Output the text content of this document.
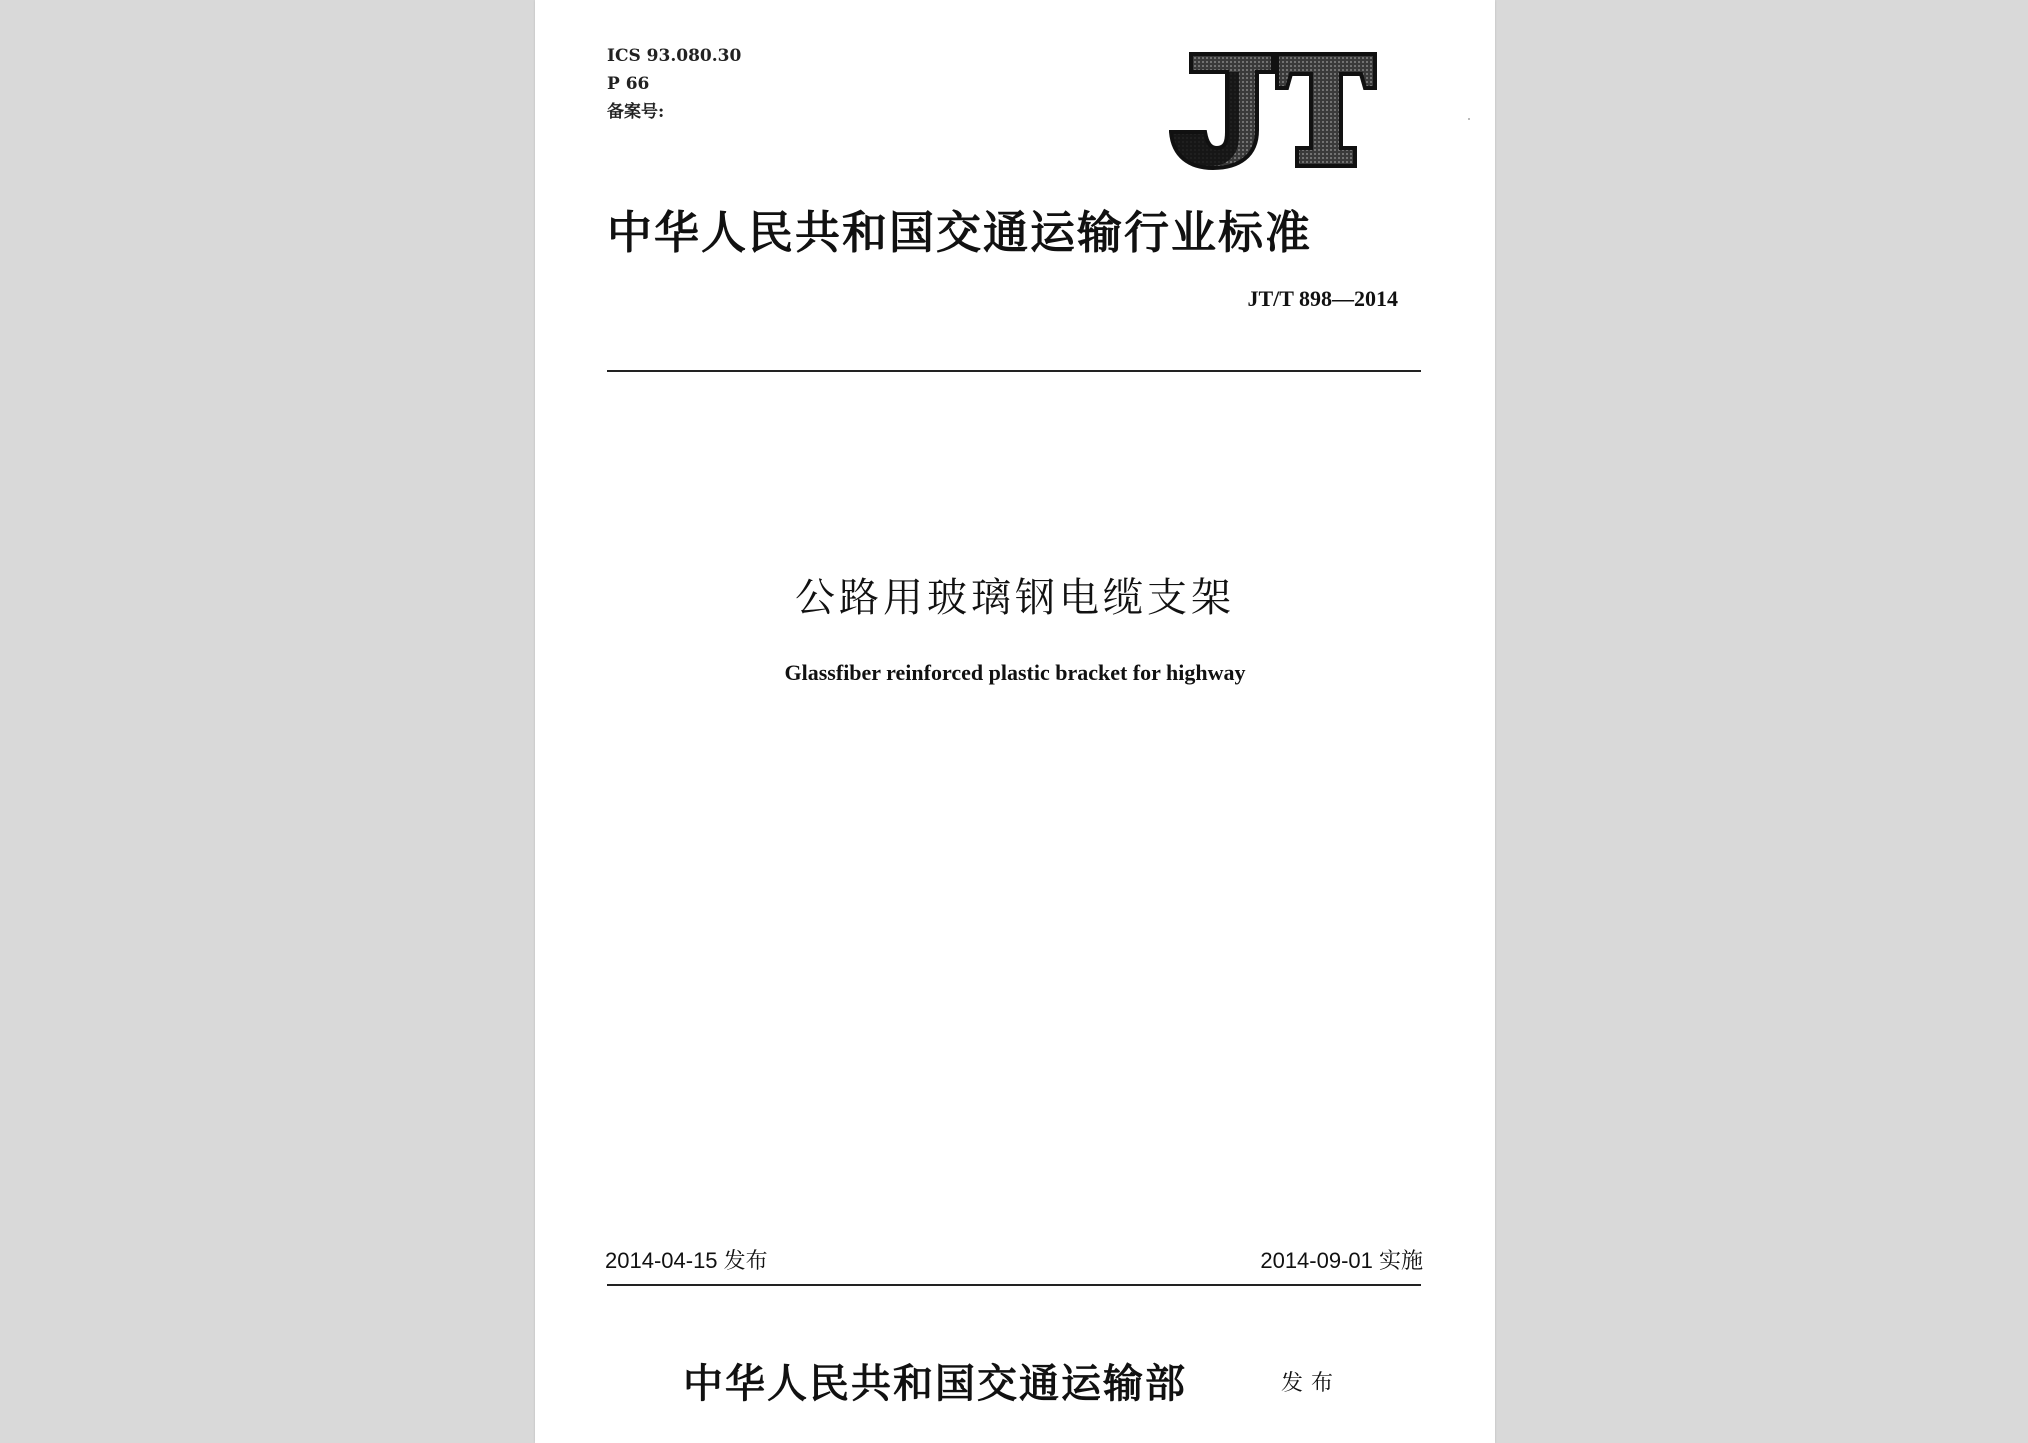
ICS 93.080.30
P 66
备案号:	JT
中华人民共和国交通运输行业标准
JT/T 898—2014
公路用玻璃钢电缆支架
Glassfiber reinforced plastic bracket for highway
2014-04-15 发布	2014-09-01 实施
中华人民共和国交通运输部	发布
